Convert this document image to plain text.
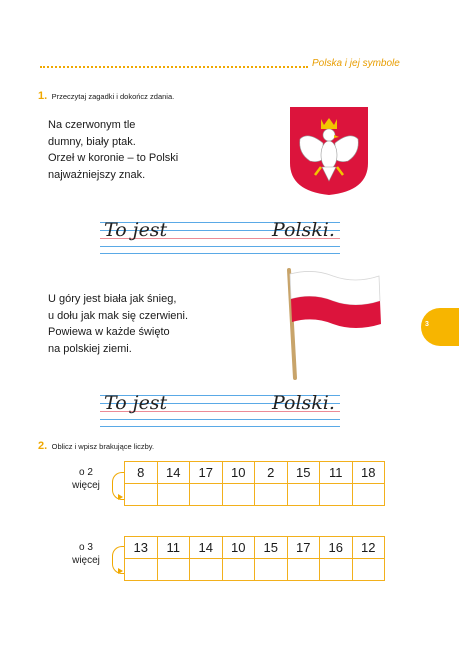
Polska i jej symbole
1. Przeczytaj zagadki i dokończ zdania.
Na czerwonym tle
dumny, biały ptak.
Orzeł w koronie – to Polski
najważniejszy znak.
To jest	Polski.
U góry jest biała jak śnieg,
u dołu jak mak się czerwieni.
Powiewa w każde święto
na polskiej ziemi.
To jest	Polski.
3
2. Oblicz i wpisz brakujące liczby.
o 2
więcej
8	14	17	10	2	15	11	18

o 3
więcej
13	11	14	10	15	17	16	12
